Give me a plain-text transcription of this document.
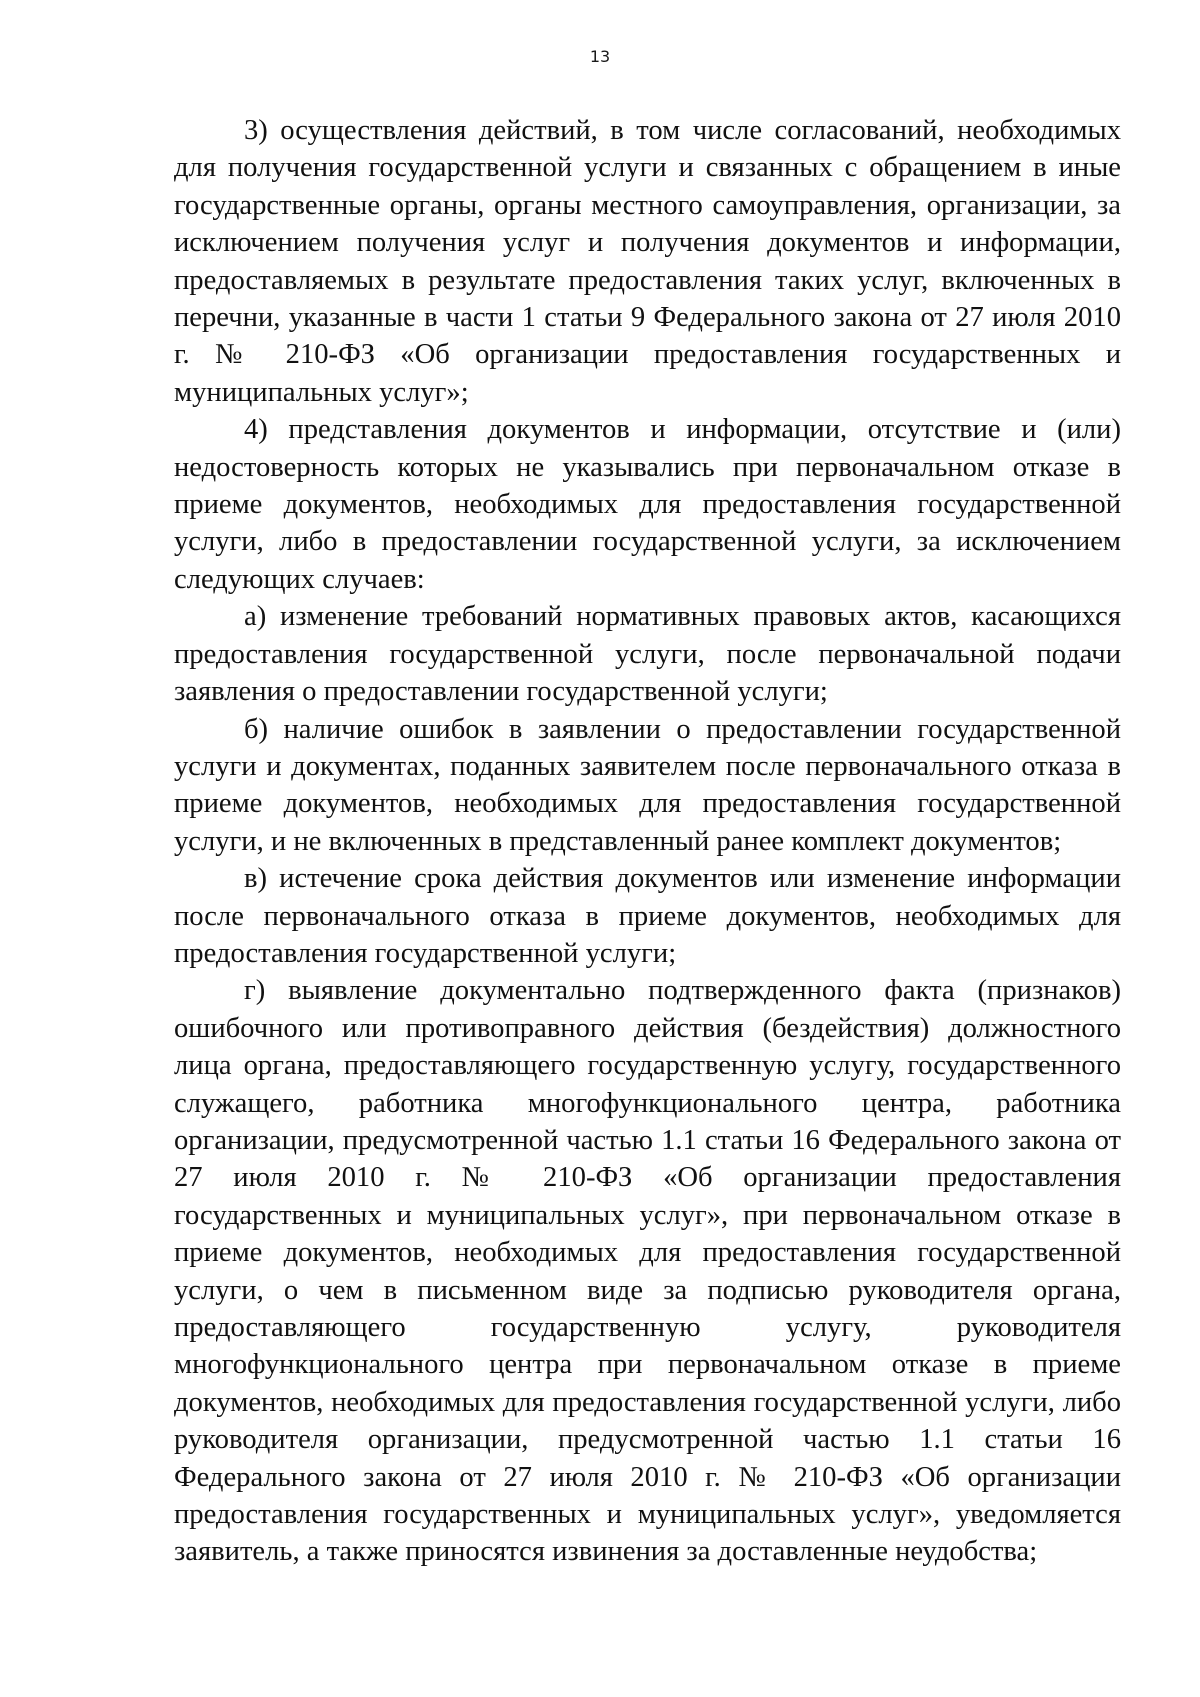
13

3) осуществления действий, в том числе согласований, необходимых для получения государственной услуги и связанных с обращением в иные государственные органы, органы местного самоуправления, организации, за исключением получения услуг и получения документов и информации, предоставляемых в результате предоставления таких услуг, включенных в перечни, указанные в части 1 статьи 9 Федерального закона от 27 июля 2010 г. № 210-ФЗ «Об организации предоставления государственных и муниципальных услуг»;

4) представления документов и информации, отсутствие и (или) недостоверность которых не указывались при первоначальном отказе в приеме документов, необходимых для предоставления государственной услуги, либо в предоставлении государственной услуги, за исключением следующих случаев:

а) изменение требований нормативных правовых актов, касающихся предоставления государственной услуги, после первоначальной подачи заявления о предоставлении государственной услуги;

б) наличие ошибок в заявлении о предоставлении государственной услуги и документах, поданных заявителем после первоначального отказа в приеме документов, необходимых для предоставления государственной услуги, и не включенных в представленный ранее комплект документов;

в) истечение срока действия документов или изменение информации после первоначального отказа в приеме документов, необходимых для предоставления государственной услуги;

г) выявление документально подтвержденного факта (признаков) ошибочного или противоправного действия (бездействия) должностного лица органа, предоставляющего государственную услугу, государственного служащего, работника многофункционального центра, работника организации, предусмотренной частью 1.1 статьи 16 Федерального закона от 27 июля 2010 г. № 210-ФЗ «Об организации предоставления государственных и муниципальных услуг», при первоначальном отказе в приеме документов, необходимых для предоставления государственной услуги, о чем в письменном виде за подписью руководителя органа, предоставляющего государственную услугу, руководителя многофункционального центра при первоначальном отказе в приеме документов, необходимых для предоставления государственной услуги, либо руководителя организации, предусмотренной частью 1.1 статьи 16 Федерального закона от 27 июля 2010 г. № 210-ФЗ «Об организации предоставления государственных и муниципальных услуг», уведомляется заявитель, а также приносятся извинения за доставленные неудобства;
